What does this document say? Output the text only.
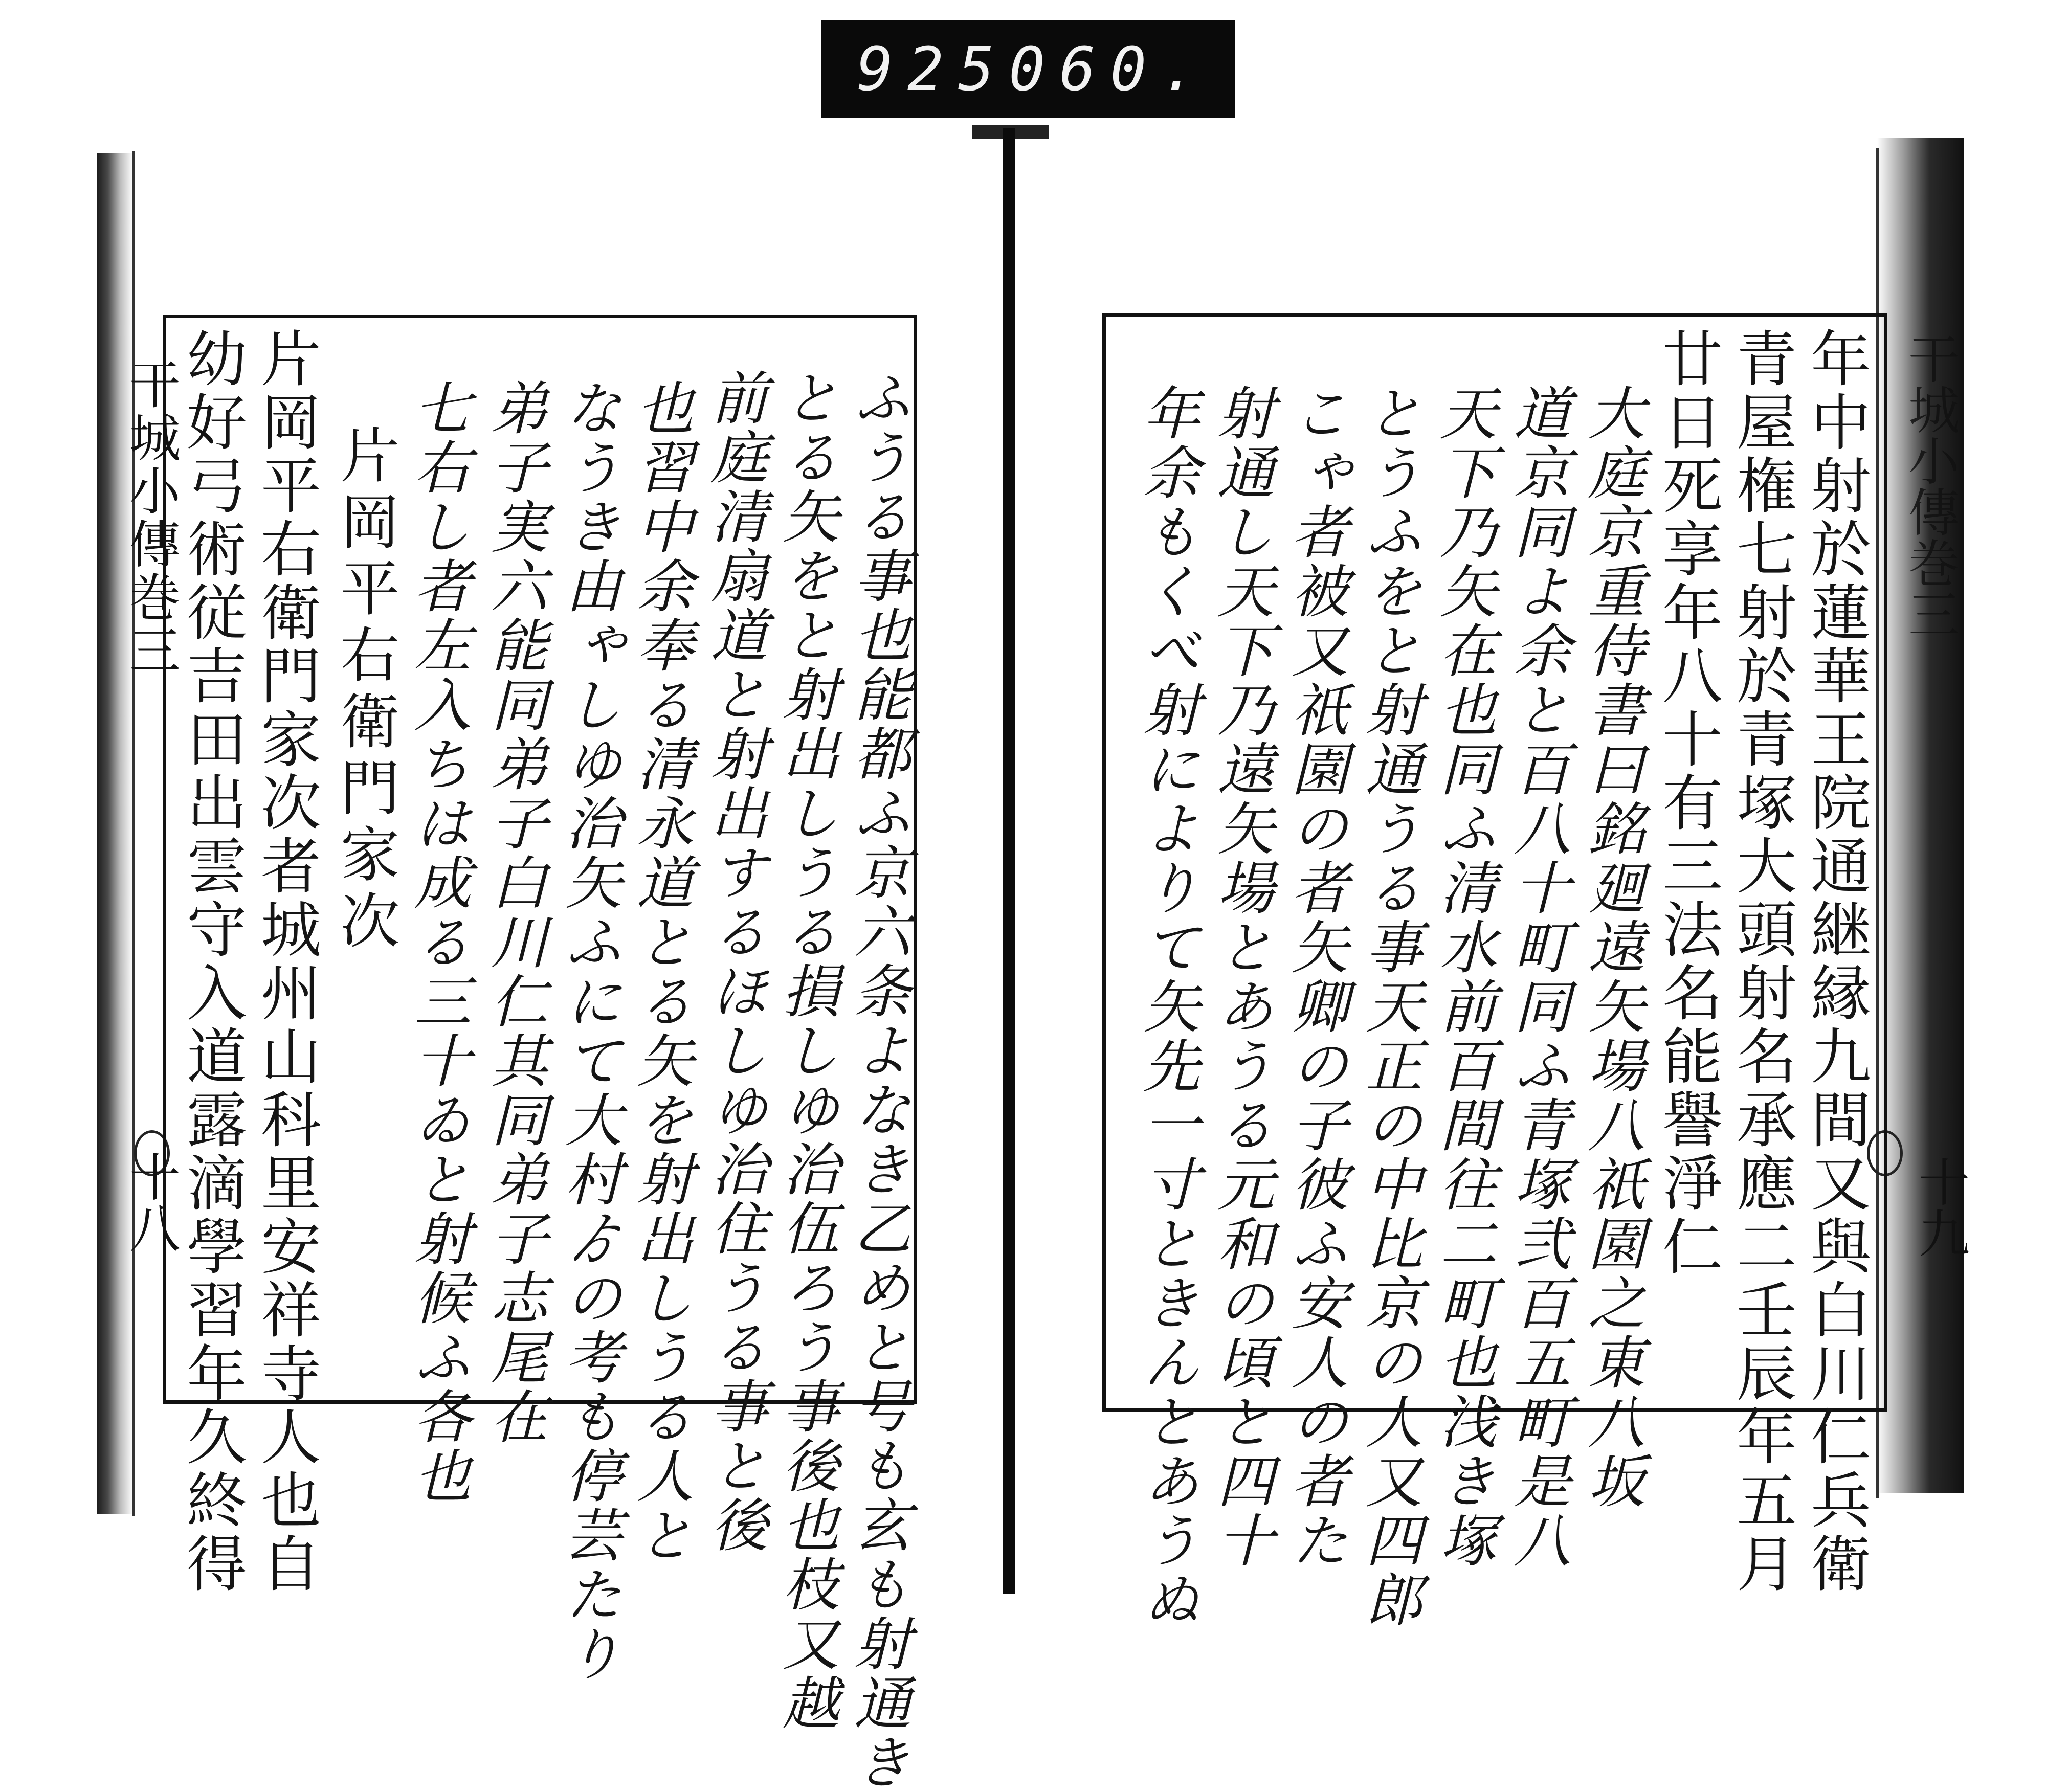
925 060.
干城小傳巻三
十八
干城小傳巻三
十九
ふうる事也能都ふ京六条よなき乙めと号も玄も射通き
とる矢をと射出しうる損しゆ治伍ろう事後也枝又越
前庭清扇道と射出するほしゆ治住うる事と後
也習中余奉る清永道とる矢を射出しうる人と
なうき由ゃしゆ治矢ふにて大村ゟの考も停芸たり
弟子実六能同弟子白川仁其同弟子志尾在
七右し者左入ちは成る三十ゐと射候ふ各也
片岡平右衛門家次
片岡平右衛門家次者城州山科里安祥寺人也自
幼好弓術従吉田出雲守入道露滴學習年久終得	年中射於蓮華王院通継縁九間又與白川仁兵衛
青屋権七射於青塚大頭射名承應二壬辰年五月
廿日死享年八十有三法名能譽淨仁
大庭京重侍書曰銘廻遠矢場八祇園之東八坂
道京同よ余と百八十町同ふ青塚弐百五町是八
天下乃矢在也同ふ清水前百間往二町也浅き塚
とうふをと射通うる事天正の中比京の人又四郎
こゃ者被又祇園の者矢卿の子彼ふ安人の者た
射通し天下乃遠矢場とあうる元和の頃と四十
年余もくべ射によりて矢先一寸ときんとあうぬ
